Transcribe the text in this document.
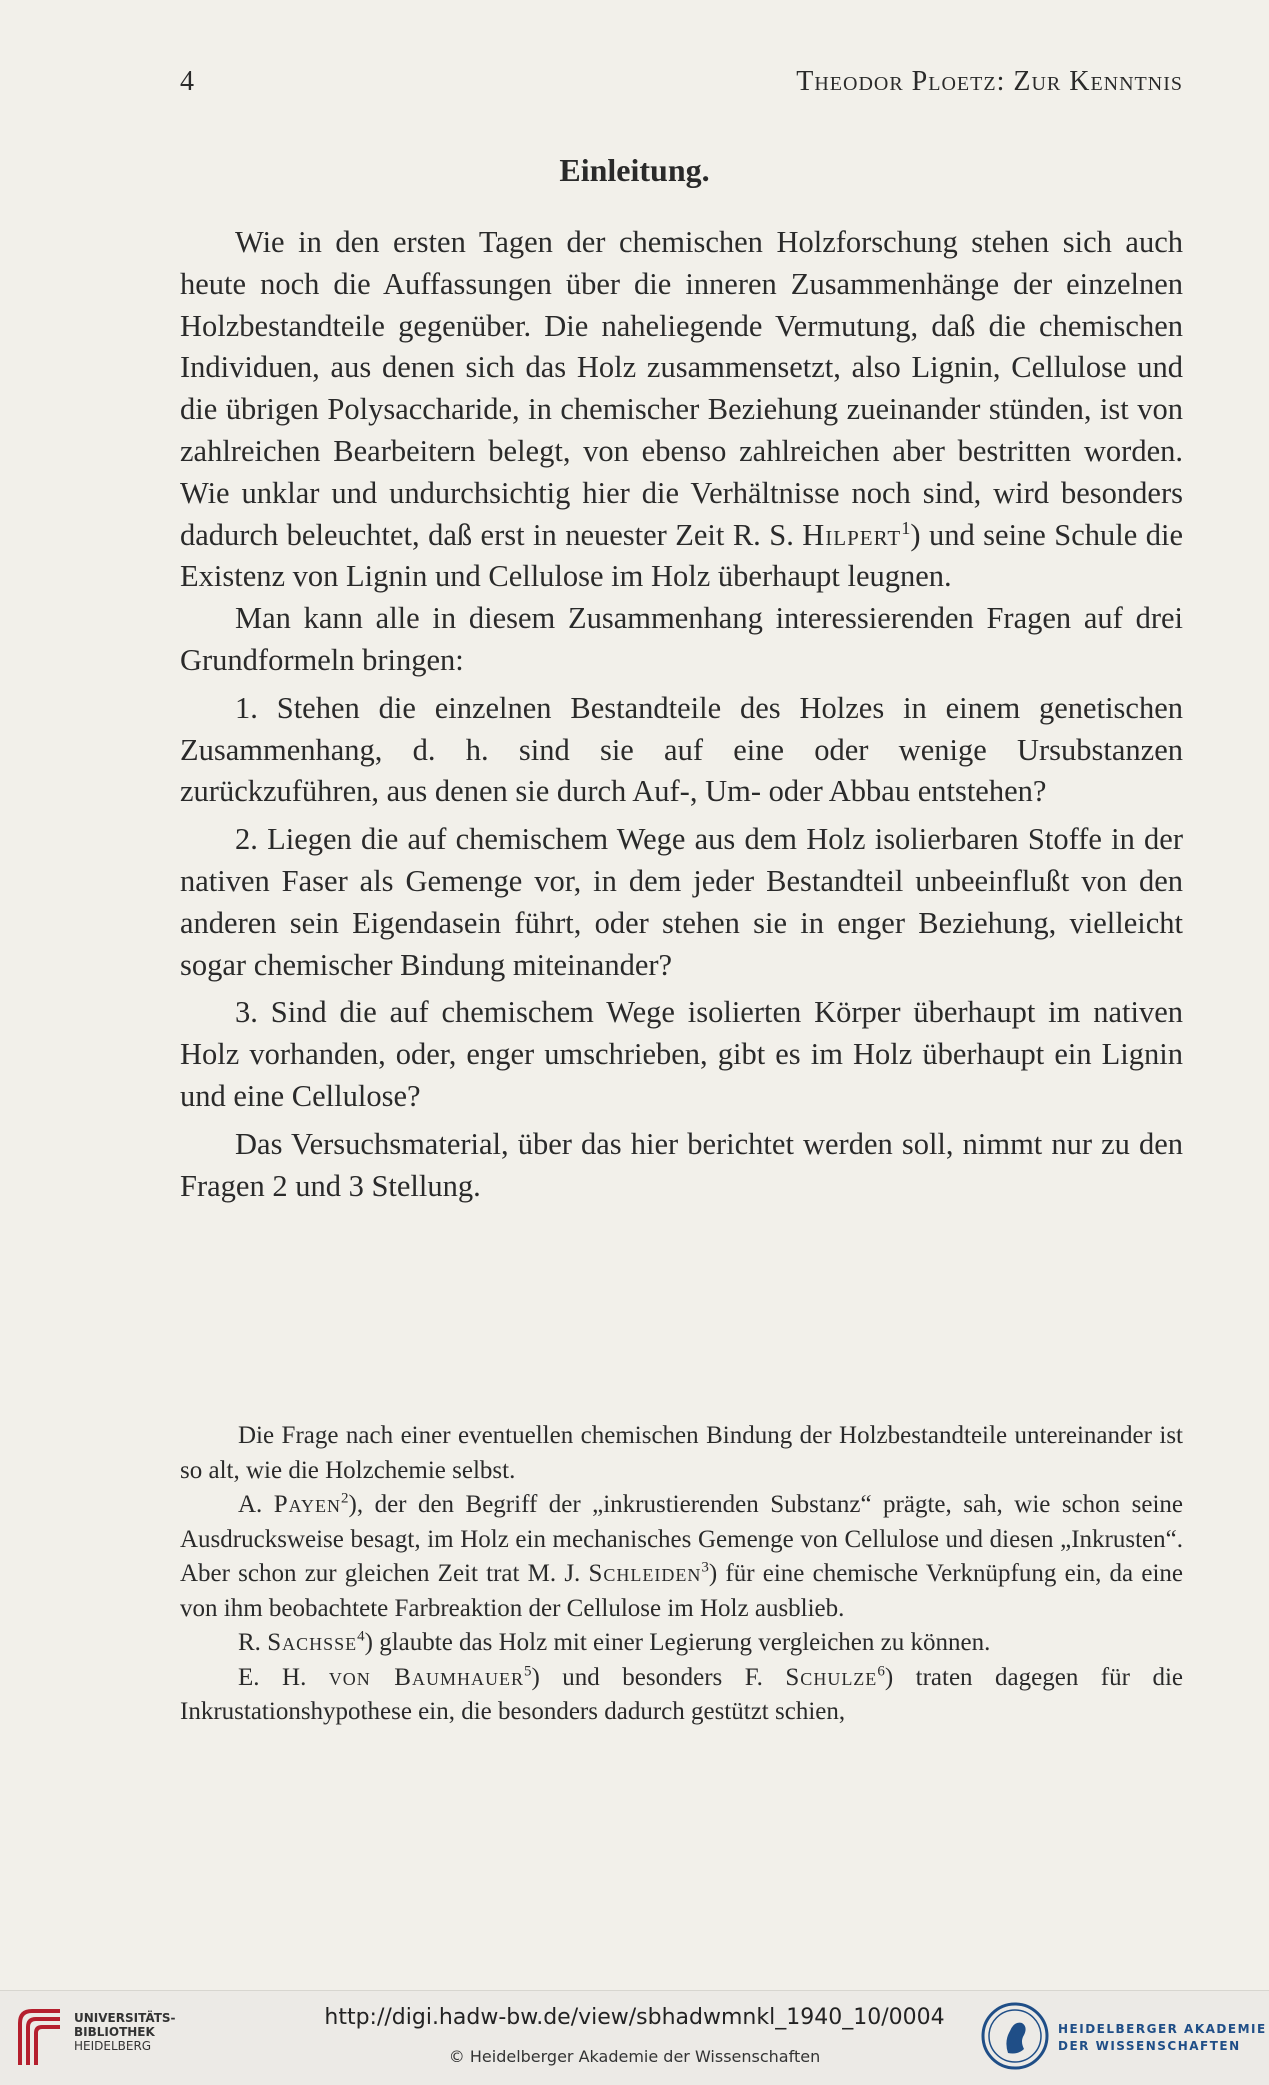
4	Theodor Ploetz: Zur Kenntnis
Einleitung.

Wie in den ersten Tagen der chemischen Holzforschung stehen sich auch heute noch die Auffassungen über die inneren Zusammenhänge der einzelnen Holzbestandteile gegenüber. Die naheliegende Vermutung, daß die chemischen Individuen, aus denen sich das Holz zusammensetzt, also Lignin, Cellulose und die übrigen Polysaccharide, in chemischer Beziehung zueinander stünden, ist von zahlreichen Bearbeitern belegt, von ebenso zahlreichen aber bestritten worden. Wie unklar und undurchsichtig hier die Verhältnisse noch sind, wird besonders dadurch beleuchtet, daß erst in neuester Zeit R. S. Hilpert$^1$) und seine Schule die Existenz von Lignin und Cellulose im Holz überhaupt leugnen.

Man kann alle in diesem Zusammenhang interessierenden Fragen auf drei Grundformeln bringen:

1. Stehen die einzelnen Bestandteile des Holzes in einem genetischen Zusammenhang, d. h. sind sie auf eine oder wenige Ursubstanzen zurückzuführen, aus denen sie durch Auf-, Um- oder Abbau entstehen?

2. Liegen die auf chemischem Wege aus dem Holz isolierbaren Stoffe in der nativen Faser als Gemenge vor, in dem jeder Bestandteil unbeeinflußt von den anderen sein Eigendasein führt, oder stehen sie in enger Beziehung, vielleicht sogar chemischer Bindung miteinander?

3. Sind die auf chemischem Wege isolierten Körper überhaupt im nativen Holz vorhanden, oder, enger umschrieben, gibt es im Holz überhaupt ein Lignin und eine Cellulose?

Das Versuchsmaterial, über das hier berichtet werden soll, nimmt nur zu den Fragen 2 und 3 Stellung.

Die Frage nach einer eventuellen chemischen Bindung der Holzbestandteile untereinander ist so alt, wie die Holzchemie selbst.

A. Payen$^2$), der den Begriff der „inkrustierenden Substanz“ prägte, sah, wie schon seine Ausdrucksweise besagt, im Holz ein mechanisches Gemenge von Cellulose und diesen „Inkrusten“. Aber schon zur gleichen Zeit trat M. J. Schleiden$^3$) für eine chemische Verknüpfung ein, da eine von ihm beobachtete Farbreaktion der Cellulose im Holz ausblieb.

R. Sachsse$^4$) glaubte das Holz mit einer Legierung vergleichen zu können.

E. H. von Baumhauer$^5$) und besonders F. Schulze$^6$) traten dagegen für die Inkrustationshypothese ein, die besonders dadurch gestützt schien,

UNIVERSITÄTS-
BIBLIOTHEK
HEIDELBERG
http://digi.hadw-bw.de/view/sbhadwmnkl_1940_10/0004
© Heidelberger Akademie der Wissenschaften
HEIDELBERGER AKADEMIE
DER WISSENSCHAFTEN
